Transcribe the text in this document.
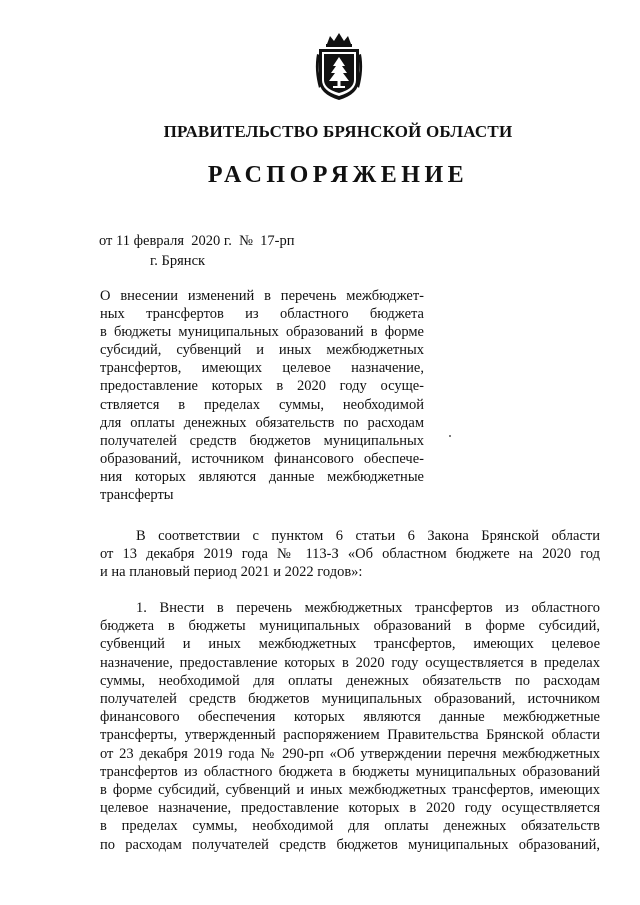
ПРАВИТЕЛЬСТВО БРЯНСКОЙ ОБЛАСТИ
РАСПОРЯЖЕНИЕ
от 11 февраля  2020 г.  №  17-рп
г. Брянск
О внесении изменений в перечень межбюджет-
ных трансфертов из областного бюджета
в бюджеты муниципальных образований в форме
субсидий, субвенций и иных межбюджетных
трансфертов, имеющих целевое назначение,
предоставление которых в 2020 году осуще-
ствляется в пределах суммы, необходимой
для оплаты денежных обязательств по расходам
получателей средств бюджетов муниципальных
образований, источником финансового обеспече-
ния которых являются данные межбюджетные
трансферты
В соответствии с пунктом 6 статьи 6 Закона Брянской области
от 13 декабря 2019 года № 113-З «Об областном бюджете на 2020 год
и на плановый период 2021 и 2022 годов»:
1. Внести в перечень межбюджетных трансфертов из областного
бюджета в бюджеты муниципальных образований в форме субсидий,
субвенций и иных межбюджетных трансфертов, имеющих целевое
назначение, предоставление которых в 2020 году осуществляется в пределах
суммы, необходимой для оплаты денежных обязательств по расходам
получателей средств бюджетов муниципальных образований, источником
финансового обеспечения которых являются данные межбюджетные
трансферты, утвержденный распоряжением Правительства Брянской области
от 23 декабря 2019 года № 290-рп «Об утверждении перечня межбюджетных
трансфертов из областного бюджета в бюджеты муниципальных образований
в форме субсидий, субвенций и иных межбюджетных трансфертов, имеющих
целевое назначение, предоставление которых в 2020 году осуществляется
в пределах суммы, необходимой для оплаты денежных обязательств
по расходам получателей средств бюджетов муниципальных образований,
